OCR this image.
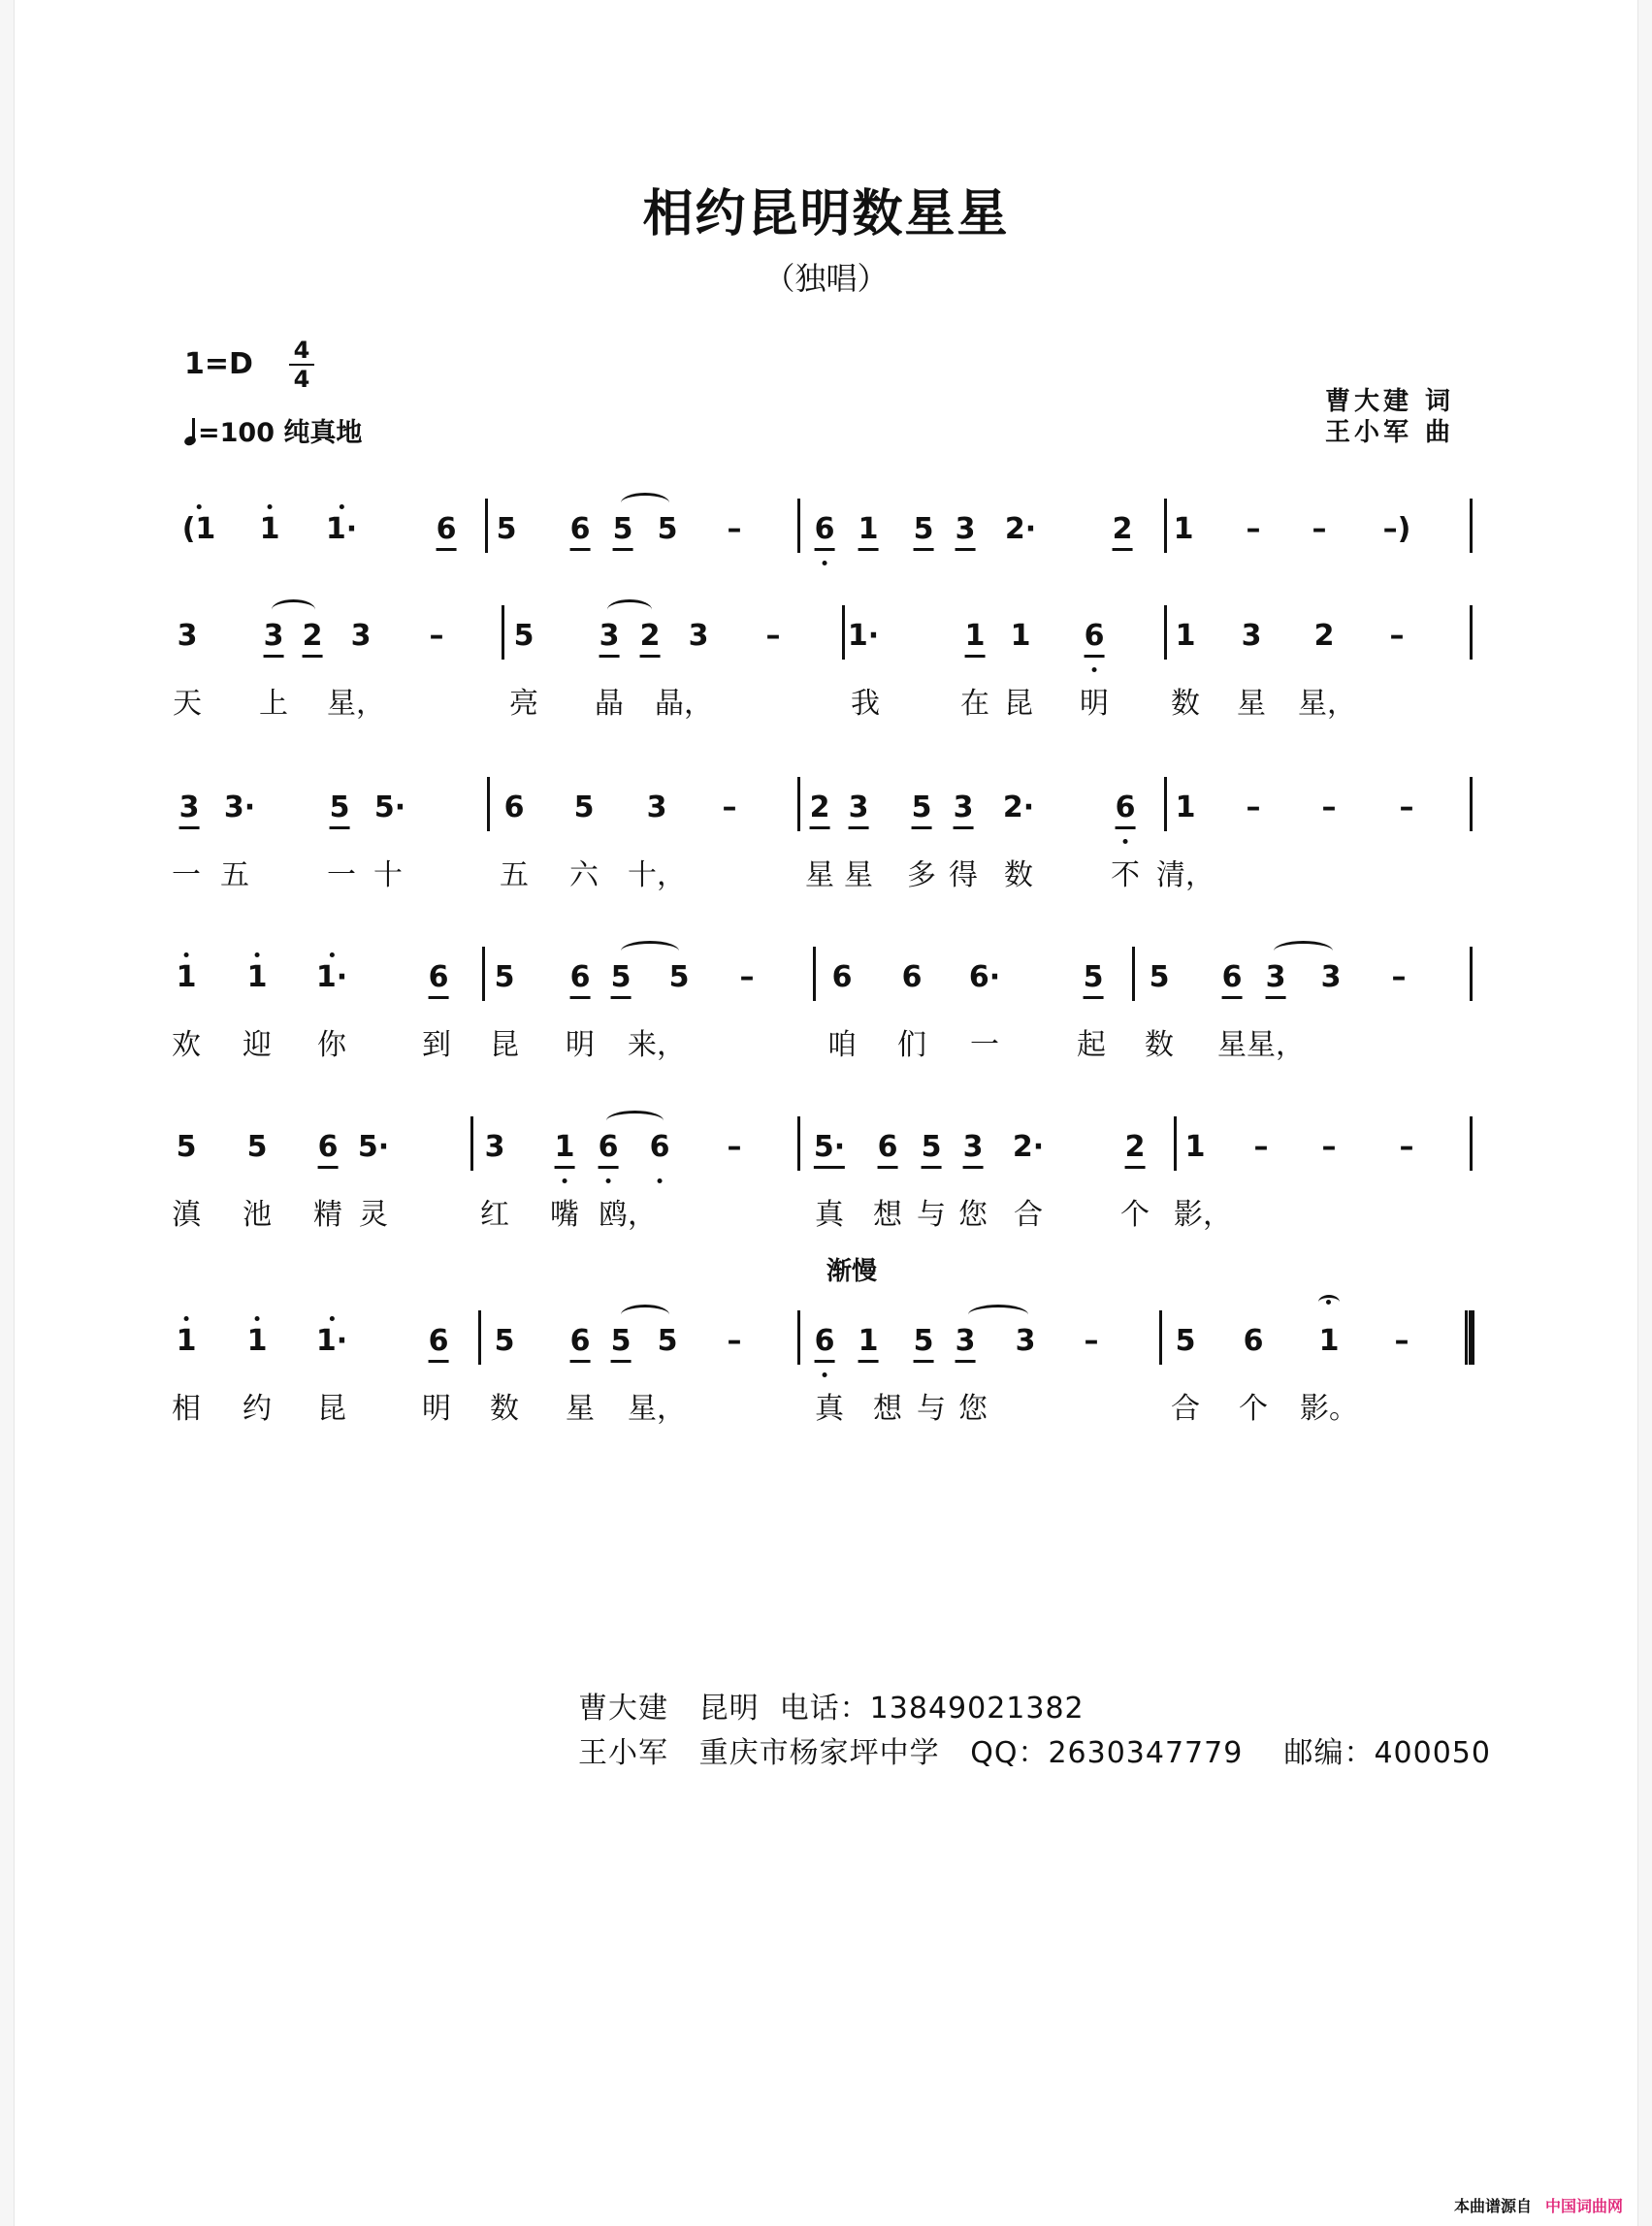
相约昆明数星星
（独唱）
1=D 4
4
=100 纯真地
曹大建 词
王小军 曲
(1 1 1·	6 5 6 5 5 –	6 1 5 3 2·	2 1 – – –)
3 3 2 3 – 5 3 2 3 – 1·	1 1 6 1 3 2 –
天 上 星，	亮 晶 晶，	我	在 昆 明 数 星 星，
3 3·	5 5·	6 5 3 –	2 3 5 3 2·	6 1 – – –
一 五	一 十	五 六 十，	星 星 多 得 数	不 清，
1 1 1·	6 5 6 5 5 –	6 6 6·	5 5 6 3 3 –
欢 迎 你	到 昆 明 来，	咱 们 一	起 数 星 星，
5 5 6 5·	3 1 6 6 – 5· 6 5 3 2·	2 1 – – –
滇 池 精 灵	红 嘴 鸥，	真 想 与 您 合	个 影，
1 1 1·	6 5 6 5 5 –	6 1 5 3 3 –	5 6 1 –
相 约 昆	明 数 星 星，	真 想 与 您	合 个 影。
渐慢
曹大建   昆明  电话：13849021382
王小军   重庆市杨家坪中学   QQ：2630347779    邮编：400050
本曲谱源自 中国词曲网
